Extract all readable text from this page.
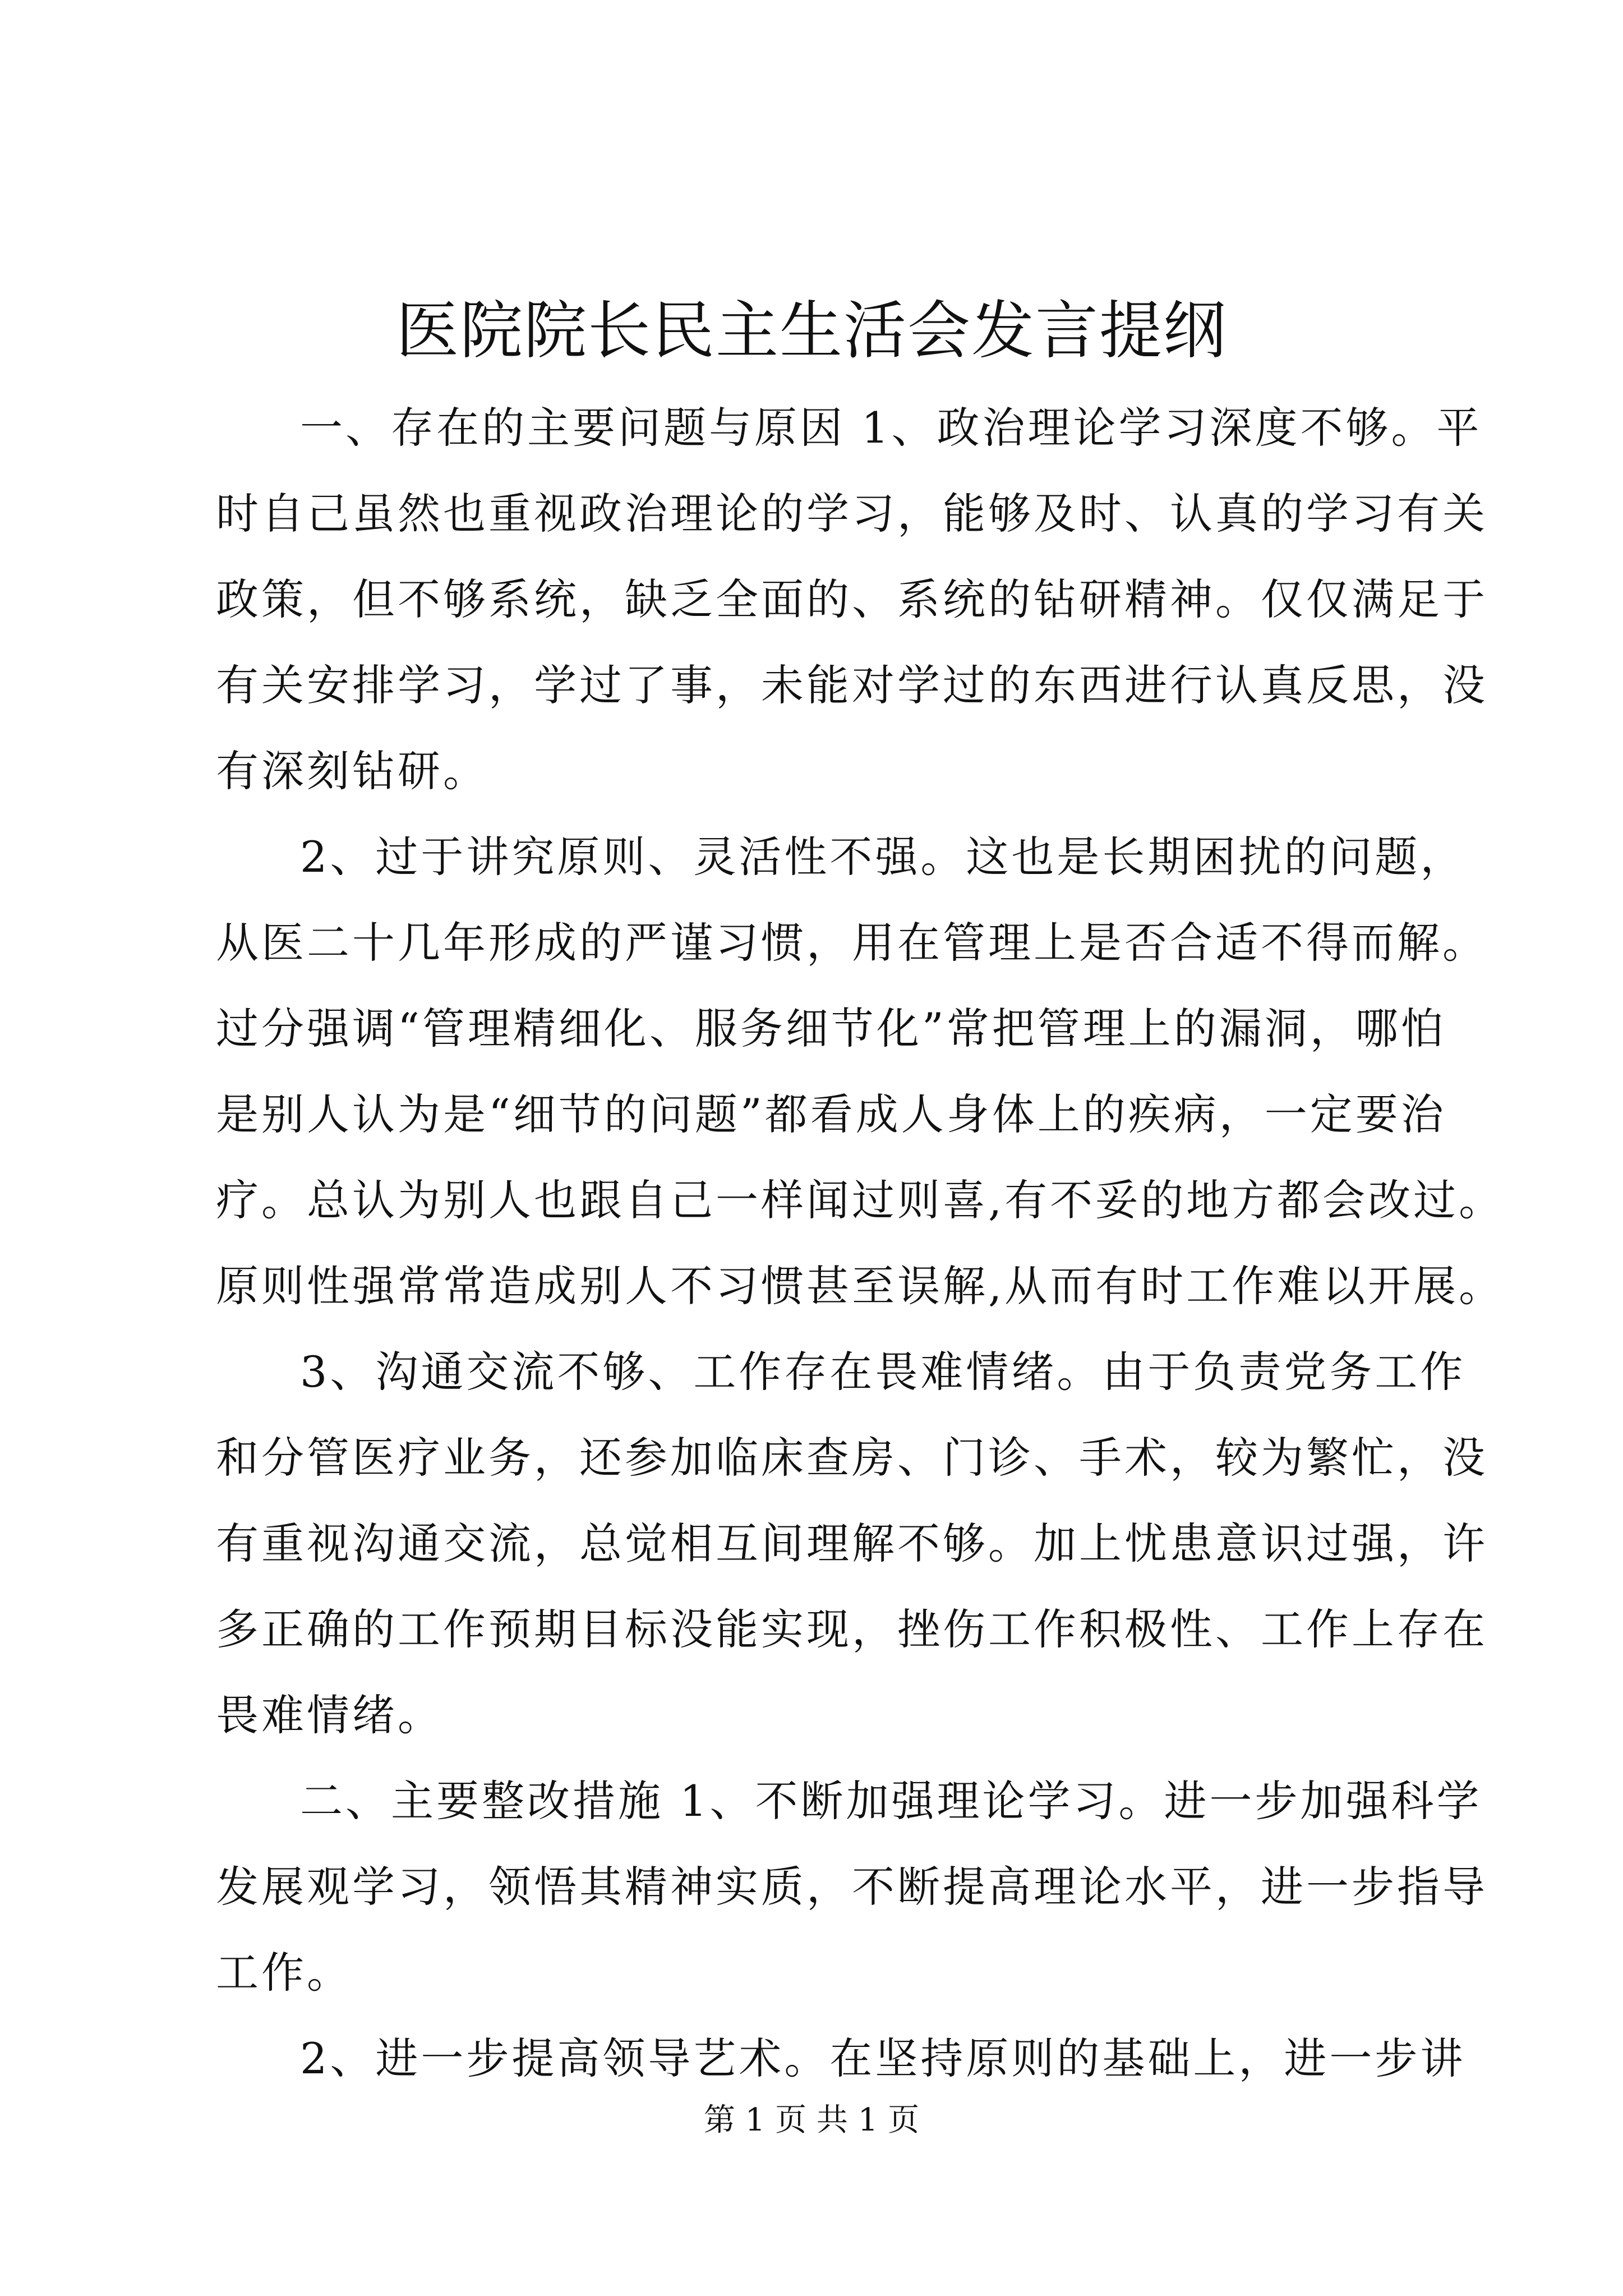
医院院长民主生活会发言提纲
一、存在的主要问题与原因 1、政治理论学习深度不够。平
时自己虽然也重视政治理论的学习，能够及时、认真的学习有关
政策，但不够系统，缺乏全面的、系统的钻研精神。仅仅满足于
有关安排学习，学过了事，未能对学过的东西进行认真反思，没
有深刻钻研。
2、过于讲究原则、灵活性不强。这也是长期困扰的问题，
从医二十几年形成的严谨习惯，用在管理上是否合适不得而解。
过分强调“管理精细化、服务细节化”常把管理上的漏洞，哪怕
是别人认为是“细节的问题”都看成人身体上的疾病，一定要治
疗。总认为别人也跟自己一样闻过则喜,有不妥的地方都会改过。
原则性强常常造成别人不习惯甚至误解,从而有时工作难以开展。
3、沟通交流不够、工作存在畏难情绪。由于负责党务工作
和分管医疗业务，还参加临床查房、门诊、手术，较为繁忙，没
有重视沟通交流，总觉相互间理解不够。加上忧患意识过强，许
多正确的工作预期目标没能实现，挫伤工作积极性、工作上存在
畏难情绪。
二、主要整改措施 1、不断加强理论学习。进一步加强科学
发展观学习，领悟其精神实质，不断提高理论水平，进一步指导
工作。
2、进一步提高领导艺术。在坚持原则的基础上，进一步讲
第 1 页 共 1 页
